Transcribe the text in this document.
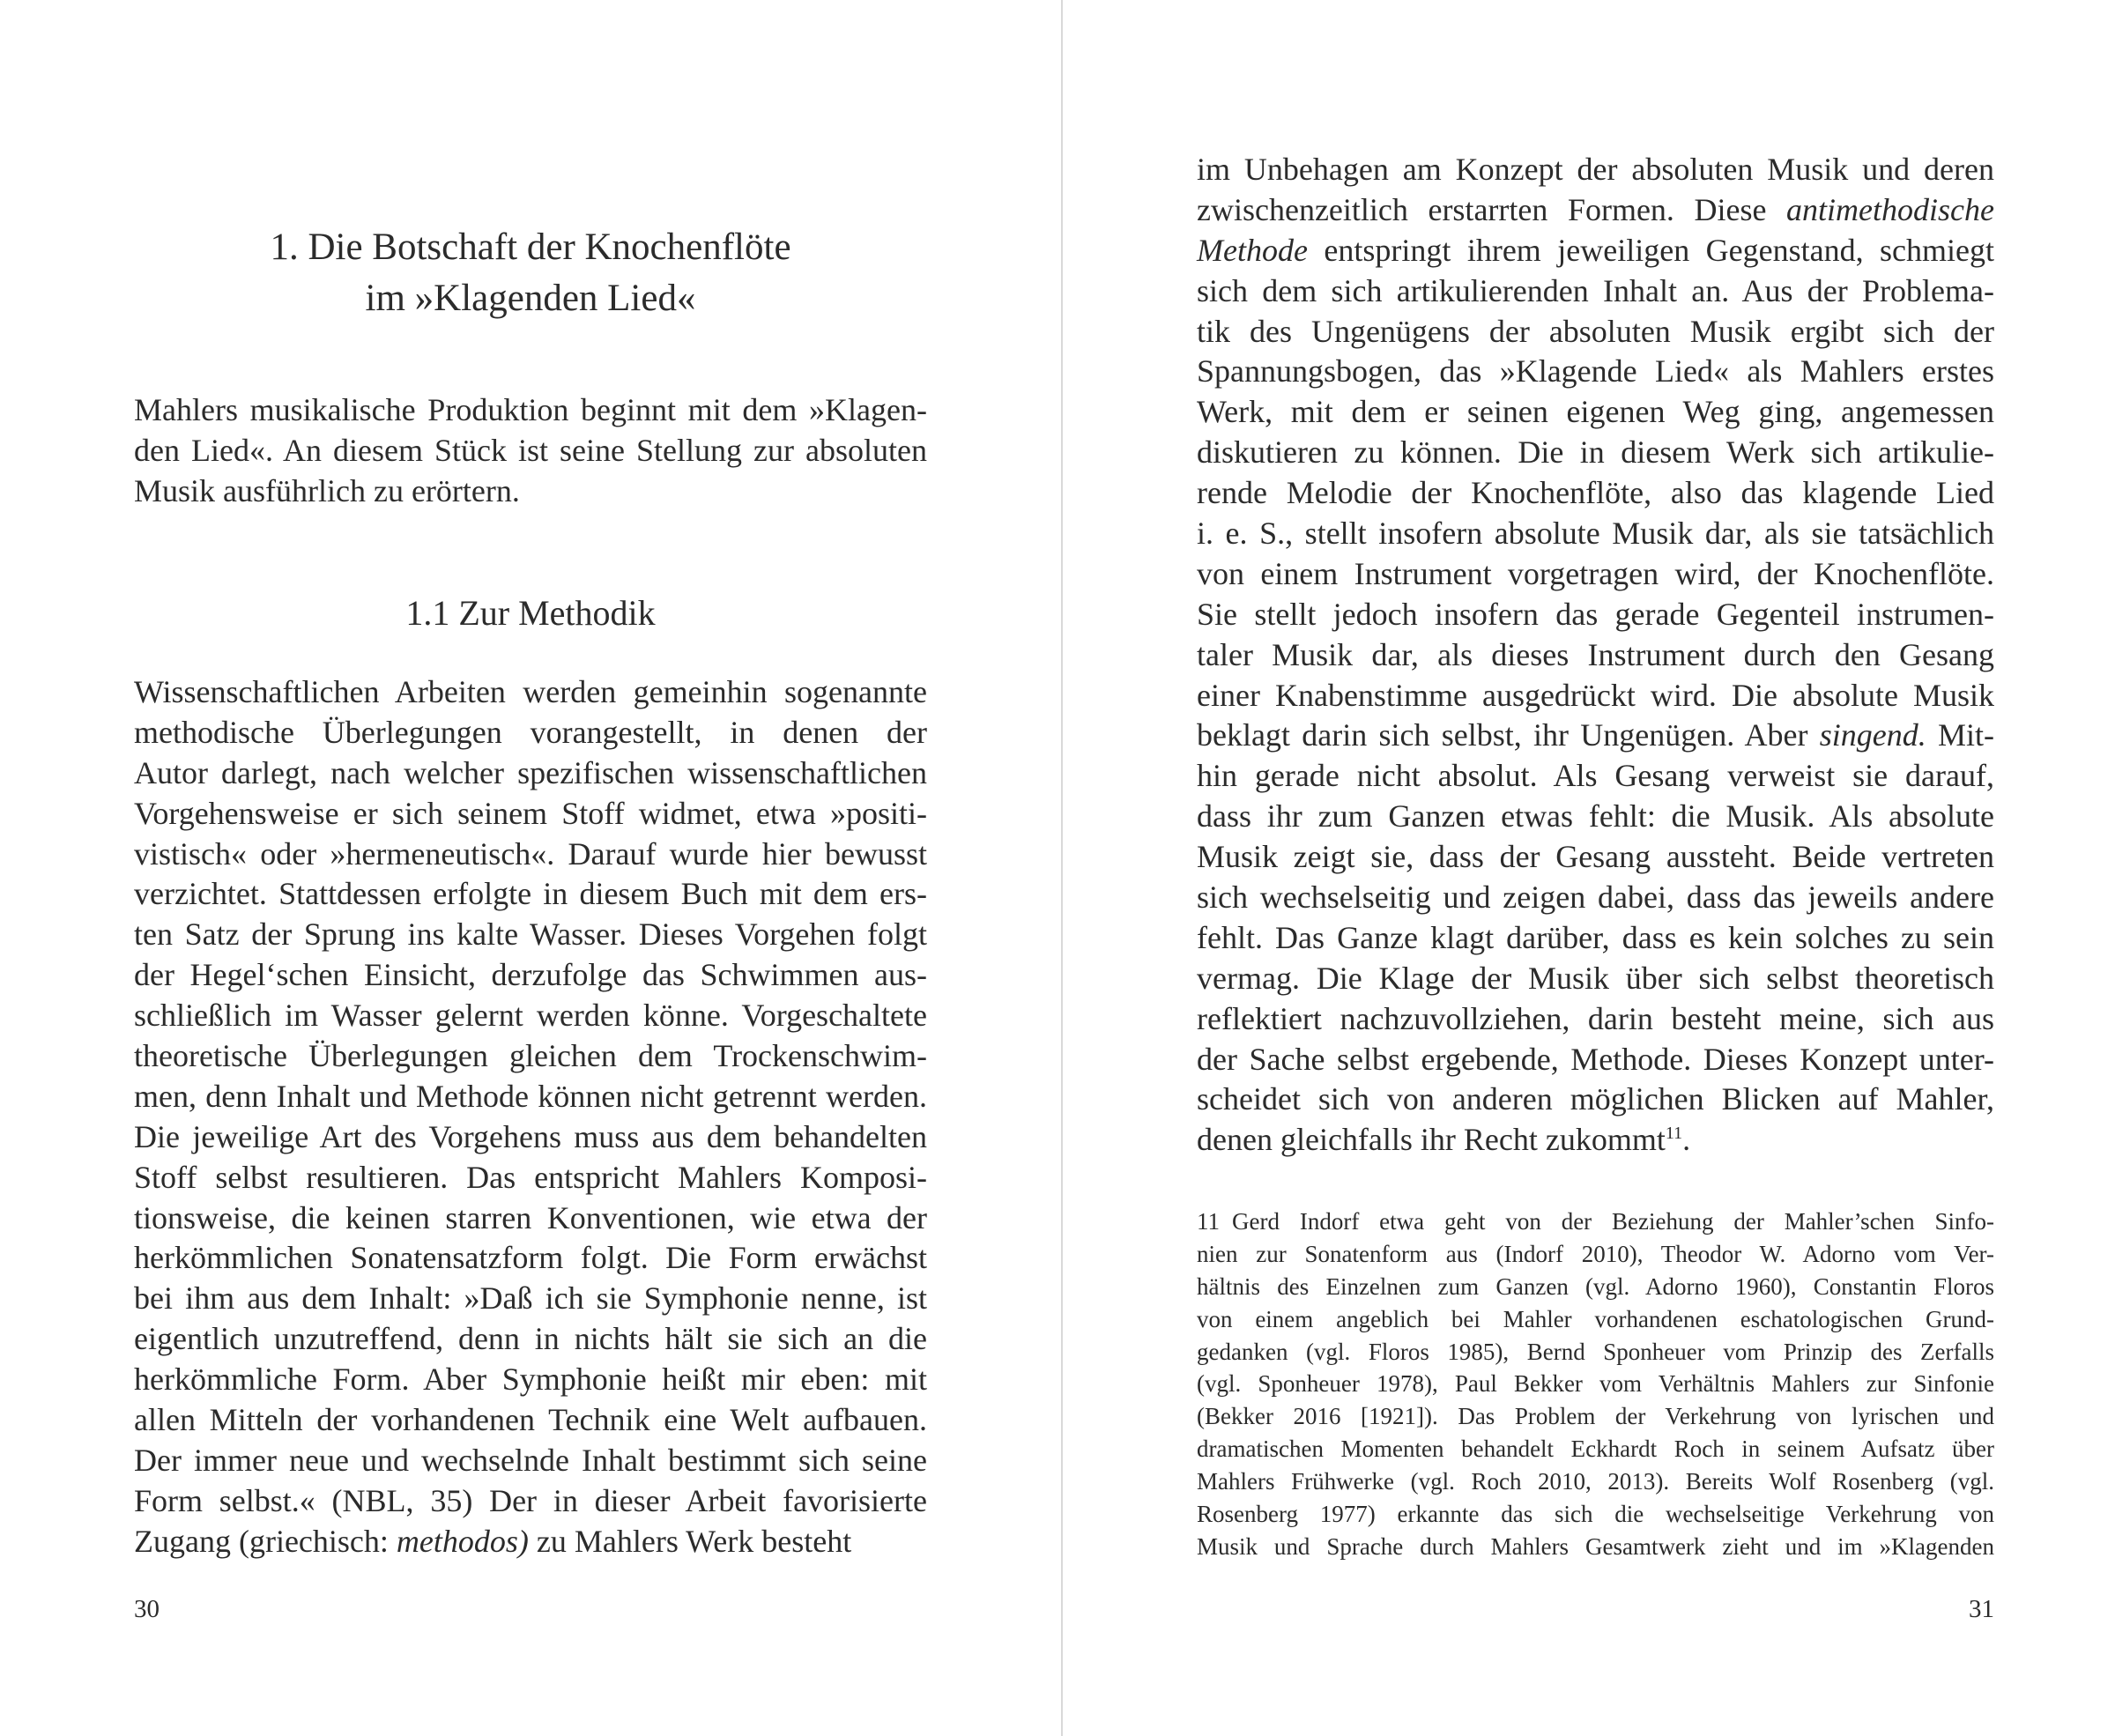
1. Die Botschaft der Knochenflöte
im »Klagenden Lied«
Mahlers musikalische Produktion beginnt mit dem »Klagen-
den Lied«. An diesem Stück ist seine Stellung zur absoluten
Musik ausführlich zu erörtern.
1.1 Zur Methodik
Wissenschaftlichen Arbeiten werden gemeinhin sogenannte
methodische Überlegungen vorangestellt, in denen der
Autor darlegt, nach welcher spezifischen wissenschaftlichen
Vorgehensweise er sich seinem Stoff widmet, etwa »positi-
vistisch« oder »hermeneutisch«. Darauf wurde hier bewusst
verzichtet. Stattdessen erfolgte in diesem Buch mit dem ers-
ten Satz der Sprung ins kalte Wasser. Dieses Vorgehen folgt
der Hegel‘schen Einsicht, derzufolge das Schwimmen aus-
schließlich im Wasser gelernt werden könne. Vorgeschaltete
theoretische Überlegungen gleichen dem Trockenschwim-
men, denn Inhalt und Methode können nicht getrennt werden.
Die jeweilige Art des Vorgehens muss aus dem behandelten
Stoff selbst resultieren. Das entspricht Mahlers Komposi-
tionsweise, die keinen starren Konventionen, wie etwa der
herkömmlichen Sonatensatzform folgt. Die Form erwächst
bei ihm aus dem Inhalt: »Daß ich sie Symphonie nenne, ist
eigentlich unzutreffend, denn in nichts hält sie sich an die
herkömmliche Form. Aber Symphonie heißt mir eben: mit
allen Mitteln der vorhandenen Technik eine Welt aufbauen.
Der immer neue und wechselnde Inhalt bestimmt sich seine
Form selbst.« (NBL, 35) Der in dieser Arbeit favorisierte
Zugang (griechisch: methodos) zu Mahlers Werk besteht
30
im Unbehagen am Konzept der absoluten Musik und deren
zwischenzeitlich erstarrten Formen. Diese antimethodische
Methode entspringt ihrem jeweiligen Gegenstand, schmiegt
sich dem sich artikulierenden Inhalt an. Aus der Problema-
tik des Ungenügens der absoluten Musik ergibt sich der
Spannungsbogen, das »Klagende Lied« als Mahlers erstes
Werk, mit dem er seinen eigenen Weg ging, angemessen
diskutieren zu können. Die in diesem Werk sich artikulie-
rende Melodie der Knochenflöte, also das klagende Lied
i. e. S., stellt insofern absolute Musik dar, als sie tatsächlich
von einem Instrument vorgetragen wird, der Knochenflöte.
Sie stellt jedoch insofern das gerade Gegenteil instrumen-
taler Musik dar, als dieses Instrument durch den Gesang
einer Knabenstimme ausgedrückt wird. Die absolute Musik
beklagt darin sich selbst, ihr Ungenügen. Aber singend. Mit-
hin gerade nicht absolut. Als Gesang verweist sie darauf,
dass ihr zum Ganzen etwas fehlt: die Musik. Als absolute
Musik zeigt sie, dass der Gesang aussteht. Beide vertreten
sich wechselseitig und zeigen dabei, dass das jeweils andere
fehlt. Das Ganze klagt darüber, dass es kein solches zu sein
vermag. Die Klage der Musik über sich selbst theoretisch
reflektiert nachzuvollziehen, darin besteht meine, sich aus
der Sache selbst ergebende, Methode. Dieses Konzept unter-
scheidet sich von anderen möglichen Blicken auf Mahler,
denen gleichfalls ihr Recht zukommt$^{11}$.
11 Gerd Indorf etwa geht von der Beziehung der Mahler’schen Sinfo-
nien zur Sonatenform aus (Indorf 2010), Theodor W. Adorno vom Ver-
hältnis des Einzelnen zum Ganzen (vgl. Adorno 1960), Constantin Floros
von einem angeblich bei Mahler vorhandenen eschatologischen Grund-
gedanken (vgl. Floros 1985), Bernd Sponheuer vom Prinzip des Zerfalls
(vgl. Sponheuer 1978), Paul Bekker vom Verhältnis Mahlers zur Sinfonie
(Bekker 2016 [1921]). Das Problem der Verkehrung von lyrischen und
dramatischen Momenten behandelt Eckhardt Roch in seinem Aufsatz über
Mahlers Frühwerke (vgl. Roch 2010, 2013). Bereits Wolf Rosenberg (vgl.
Rosenberg 1977) erkannte das sich die wechselseitige Verkehrung von
Musik und Sprache durch Mahlers Gesamtwerk zieht und im »Klagenden
31
